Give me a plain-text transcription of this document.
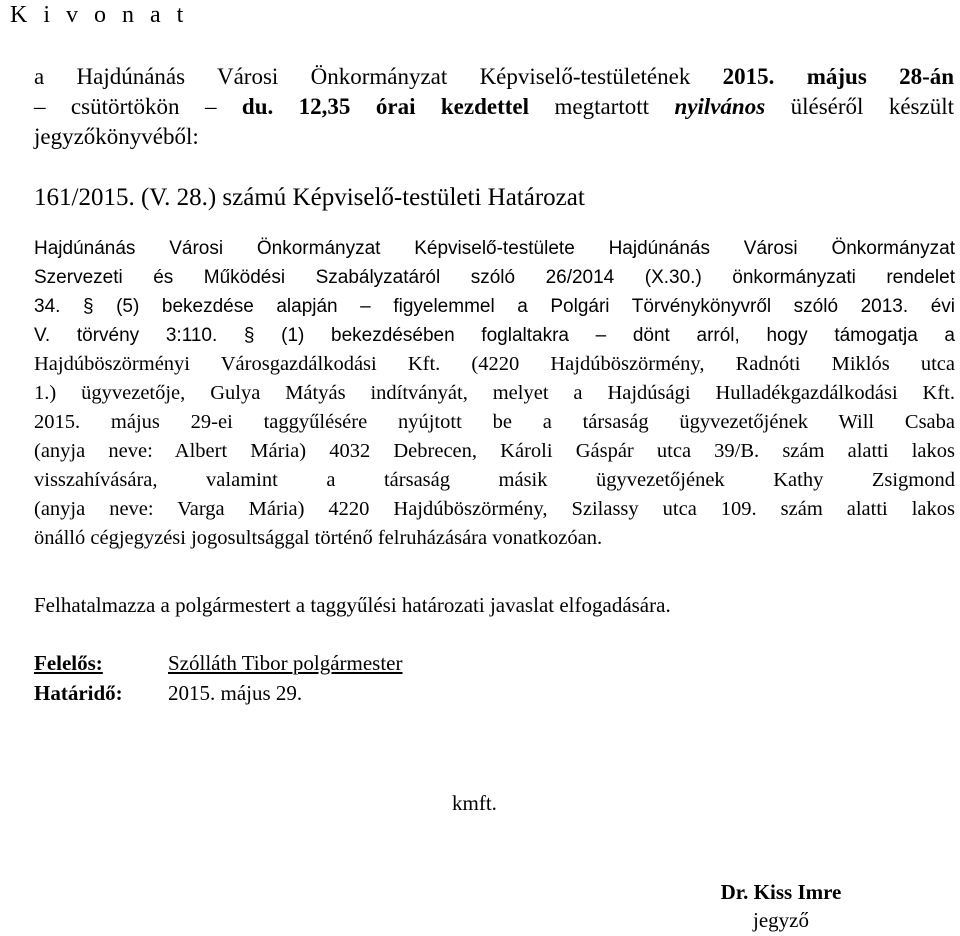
K i v o n a t
a Hajdúnánás Városi Önkormányzat Képviselő-testületének 2015. május 28-án
– csütörtökön – du. 12,35 órai kezdettel megtartott nyilvános üléséről készült
jegyzőkönyvéből:
161/2015. (V. 28.) számú Képviselő-testületi Határozat
Hajdúnánás Városi Önkormányzat Képviselő-testülete Hajdúnánás Városi Önkormányzat
Szervezeti és Működési Szabályzatáról szóló 26/2014 (X.30.) önkormányzati rendelet
34. § (5) bekezdése alapján – figyelemmel a Polgári Törvénykönyvről szóló 2013. évi
V. törvény 3:110. § (1) bekezdésében foglaltakra – dönt arról, hogy támogatja a
Hajdúböszörményi Városgazdálkodási Kft. (4220 Hajdúböszörmény, Radnóti Miklós utca
1.) ügyvezetője, Gulya Mátyás indítványát, melyet a Hajdúsági Hulladékgazdálkodási Kft.
2015. május 29-ei taggyűlésére nyújtott be a társaság ügyvezetőjének Will Csaba
(anyja neve: Albert Mária) 4032 Debrecen, Károli Gáspár utca 39/B. szám alatti lakos
visszahívására, valamint a társaság másik ügyvezetőjének Kathy Zsigmond
(anyja neve: Varga Mária) 4220 Hajdúböszörmény, Szilassy utca 109. szám alatti lakos
önálló cégjegyzési jogosultsággal történő felruházására vonatkozóan.
Felhatalmazza a polgármestert a taggyűlési határozati javaslat elfogadására.
Felelős:	Szólláth Tibor polgármester
Határidő:	2015. május 29.
kmft.
Dr. Kiss Imre
jegyző
